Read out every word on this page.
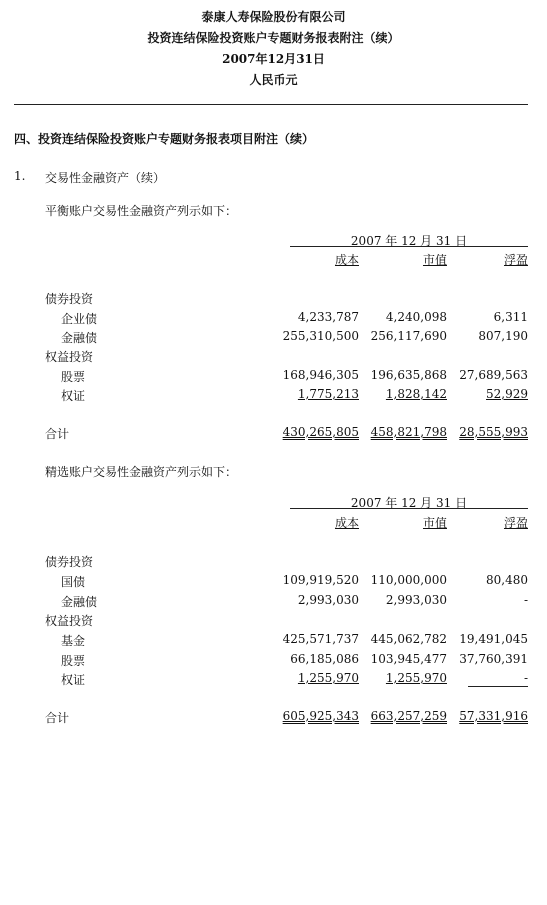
泰康人寿保险股份有限公司
投资连结保险投资账户专题财务报表附注（续）
2007年12月31日
人民币元
四、投资连结保险投资账户专题财务报表项目附注（续）
1. 交易性金融资产（续）
平衡账户交易性金融资产列示如下：
2007 年 12 月 31 日
成本	市值	浮盈
债券投资
企业债	4,233,787	4,240,098	6,311
金融债	255,310,500 256,117,690	807,190
权益投资
股票	168,946,305 196,635,868	27,689,563
权证	1,775,213	1,828,142	52,929
合计	430,265,805 458,821,798	28,555,993
精选账户交易性金融资产列示如下：
2007 年 12 月 31 日
成本	市值	浮盈
债券投资
国债	109,919,520 110,000,000	80,480
金融债	2,993,030	2,993,030	-
权益投资
基金	425,571,737 445,062,782	19,491,045
股票	66,185,086 103,945,477	37,760,391
权证	1,255,970	1,255,970	-
合计	605,925,343 663,257,259	57,331,916
